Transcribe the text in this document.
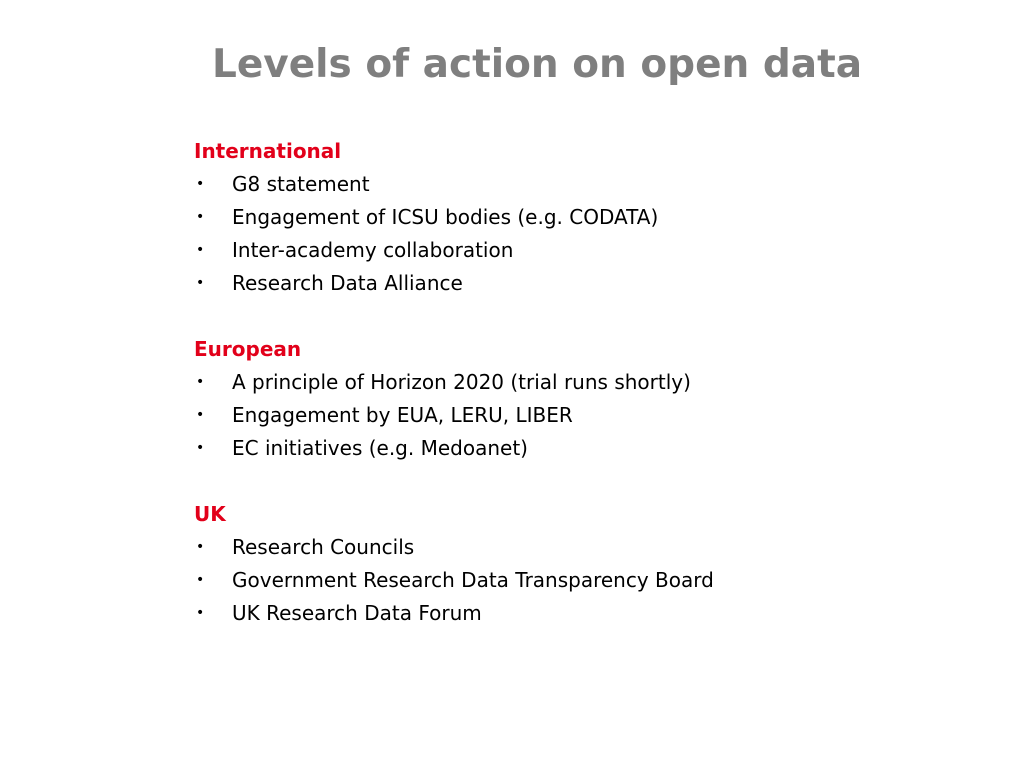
Levels of action on open data
International
• G8 statement
• Engagement of ICSU bodies (e.g. CODATA)
• Inter-academy collaboration
• Research Data Alliance
European
• A principle of Horizon 2020 (trial runs shortly)
• Engagement by EUA, LERU, LIBER
• EC initiatives (e.g. Medoanet)
UK
• Research Councils
• Government Research Data Transparency Board
• UK Research Data Forum
